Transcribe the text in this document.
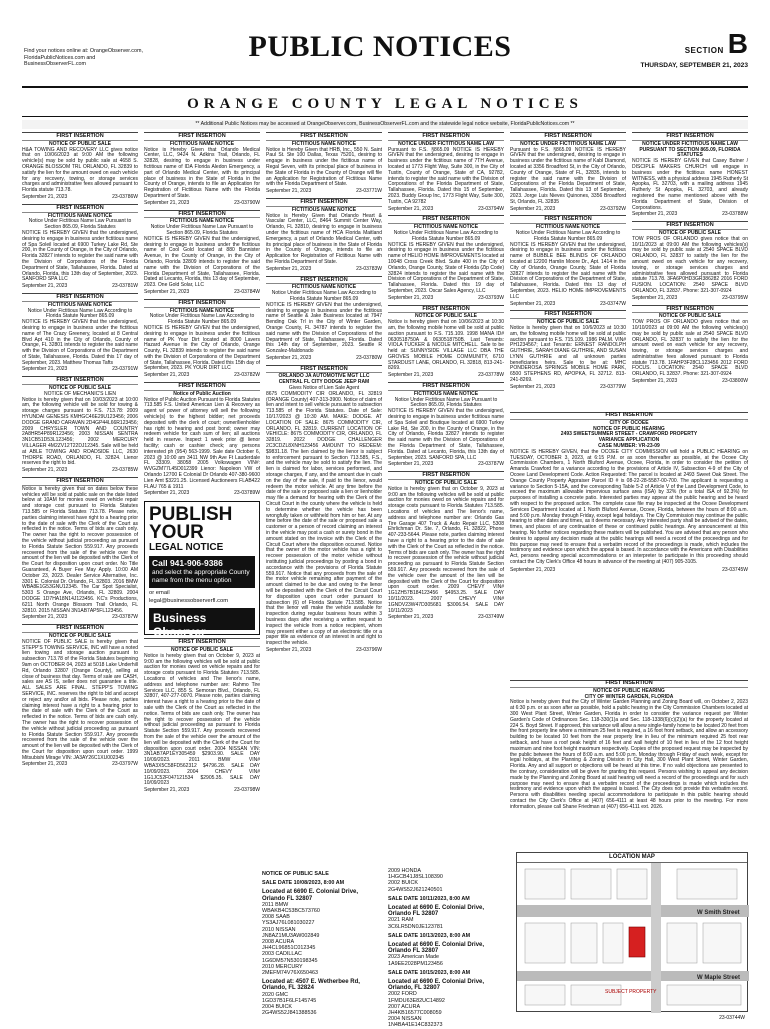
Find your notices online at: OrangeObserver.com,
FloridaPublicNotices.com and
BusinessObserverFL.com
PUBLIC NOTICES	SECTION B
THURSDAY, SEPTEMBER 21, 2023
ORANGE COUNTY LEGAL NOTICES
** Additional Public Notices may be accessed at OrangeObserver.com, BusinessObserverFL.com and the statewide legal notice website, FloridaPublicNotices.com **
FIRST INSERTION
NOTICE OF PUBLIC SALE
H&A TOWING AND RECOVERY LLC gives notice that on 10/06/2023 at 9:00 AM the following vehicle(s) may be sold by public sale at 4658 S. ORANGE BLOSSOM TRL ORLANDO, FL 32839 to satisfy the lien for the amount owed on each vehicle for any recovery, towing, or storage services charges and administrative fees allowed pursuant to Florida statute 713.78.
September 21, 2023	23-03786W
FIRST INSERTION
FICTITIOUS NAME NOTICE
Notice Under Fictitious Name Law Pursuant to Section 865.09, Florida Statutes
NOTICE IS HEREBY GIVEN that the undersigned, desiring to engage in business under fictitious name of Spa Soleil located at 6900 Turkey Lake Rd, Ste 200, in the County of Orange, in the City of Orlando, Florida 32827 intends to register the said name with the Division of Corporations of the Florida Department of State, Tallahassee, Florida. Dated at Orlando, Florida, this 13th day of September, 2023. SANFORD SPA LLC
September 21, 2023	23-03781W
FIRST INSERTION
FICTITIOUS NAME NOTICE
Notice Under Fictitious Name Law According to Florida Statute Number 865.09
NOTICE IS HEREBY GIVEN that the undersigned, desiring to engage in business under the fictitious name of The Crazy Greenery, located at 8 Central Blvd Apt 410 in the City of Orlando, County of Orange, FL 32801 intends to register the said name with the Division of Corporations of the Department of State, Tallahassee, Florida. Dated this 17 day of September, 2023. Matthew Thomas Tafts
September 21, 2023	23-03791W
FIRST INSERTION
NOTICE OF PUBLIC SALE
NOTICE OF MECHANIC'S LIEN
Notice is hereby given that on 10/03/2023 at 10:00 am, the following vehicle will be sold for towing & storage charges pursuant to F.S. 713.78: 2009 HYUNDAI GENESIS KMHGC46E29U123456; 2006 DODGE GRAND CARAVAN 2D4GP44L66R123456; 2009 CHRYSLER TOWN AND COUNTRY 2A8HR54P89R123456; 2003 NISSAN SENTRA 3N1CB51D53L123456; 2002 MERCURY VILLAGER 4M2ZV12T22DJ12345. Sale will be held at ABLE TOWING AND ROADSIDE LLC, 2630 THORPE ROAD, ORLANDO, FL 32824. Lienor reserves the right to bid.
September 21, 2023	23-03785W
FIRST INSERTION
Notice is hereby given that on dates below these vehicles will be sold at public sale on the date listed below at 10AM for monies owed on vehicle repair and storage cost pursuant to Florida Statutes 713.585 or Florida Statutes 713.78. Please note, parties claiming interest have right to a hearing prior to the date of sale with the Clerk of the Court as reflected in the notice. Terms of bids are cash only. The owner has the right to recover possession of the vehicle without judicial proceeding as pursuant to Florida Statute Section 559.917. Any proceeds recovered from the sale of the vehicle over the amount of the lien will be deposited with the Clerk of the Court for disposition upon court order. No Title Guaranteed, A Buyer Fee May Apply. 10:00 AM October 23, 2023. Dealer Service Alternative, Inc. 3301 E. Colonial Dr. Orlando, FL 32803. 2016 BMW WBA8E1G53GNU12345. The Car Spot Specialist, 5303 S Orange Ave, Orlando, FL 32809. 2004 DODGE 1D7HA18N14J123456. KC's Productions, 6211 North Orange Blossom Trail Orlando, FL 32810. 2015 NISSAN 3N1AB7AP5FL123456.
September 21, 2023	23-03787W
FIRST INSERTION
NOTICE OF PUBLIC SALE
NOTICE OF PUBLIC SALE is hereby given that STEPP'S TOWING SERVICE, INC will have a noted lien towing and storage auction pursuant to subsection 713.78 of the Florida Statutes beginning 9am on OCTOBER 04, 2023 at 5018 Lake Underhill Rd, Orlando 32807 (Orange County), selling at close of business that day. Terms of sale are CASH, sales are AS IS, seller does not guarantee a title. ALL SALES ARE FINAL. STEPP'S TOWING SERVICE, INC. reserves the right to bid and accept or reject any and/or all bids. Please note, parties claiming interest have a right to a hearing prior to the date of sale with the Clerk of the Court as reflected in the notice. Terms of bids are cash only. The owner has the right to recover possession of the vehicle without judicial proceeding as pursuant to Florida Statute Section 559.917. Any proceeds recovered from the sale of the vehicle over the amount of the lien will be deposited with the Clerk of the Court for disposition upon court order. 1999 Mitsubishi Mirage VIN: JA3AY26C1XU002345
September 21, 2023	23-03797W
FIRST INSERTION
FICTITIOUS NAME NOTICE
Notice is Hereby Given that Orlando Medical Center, LLC, 9424 N. Adkins Trail, Orlando, FL 32828, desiring to engage in business under fictitious name of IDA Florida Aledon Emergency, a part of Orlando Medical Center, with its principal place of business in the State of Florida in the County of Orange, intends to file an Application for Registration of Fictitious Name with the Florida Department of State.
September 21, 2023	23-03790W
FIRST INSERTION
FICTITIOUS NAME NOTICE
Notice Under Fictitious Name Law Pursuant to Section 865.09, Florida Statutes
NOTICE IS HEREBY GIVEN that the undersigned, desiring to engage in business under the fictitious name of Cool Gold located at 880 Bannister Avenue, in the County of Orange, in the City of Orlando, Florida 32809 intends to register the said name with the Division of Corporations of the Florida Department of State, Tallahassee, Florida. Dated at Lecanto, Florida, this 13 day of September, 2023. One Gold Solar, LLC
September 21, 2023	23-03784W
FIRST INSERTION
FICTITIOUS NAME NOTICE
Notice Under Fictitious Name Law According to Florida Statute Number 865.09
NOTICE IS HEREBY GIVEN that the undersigned, desiring to engage in business under the fictitious name of PK Your Dirt located at 8000 Lavers Hazard Avenue in the City of Orlando, Orange County, FL 32839 intends to register the said name with the Division of Corporations of the Department of State, Tallahassee, Florida. Dated this 15th day of September, 2023. PK YOUR DIRT LLC
September 21, 2023	23-03782W
FIRST INSERTION
Notice of Public Auction
Notice of Public Auction Pursuant to Florida Statutes 713.585 F.S. United American Lien & Recovery as agent w/ power of attorney will sell the following vehicle(s) to the highest bidder; net proceeds deposited with the clerk of court; owner/lienholder has right to hearing and post bond; owner may redeem vehicle for cash sum of lien; all auctions held in reserve. Inspect 1 week prior @ lienor facility; cash or cashier check; any persons interested ph (954) 563-1999. Sale date October 6, 2023 @ 10:00 am 3411 NW 9th Ave Ft Lauderdale FL 33309. 38058 2005 Volkswagen VIN#: WVGZM77L45D012399 Lienor: Napoleon VW of Orlando 12700 E Colonial Dr Orlando 407-380-9600 Lien Amt $3221.25. Licensed Auctioneers FLAB422 FLAU 765 & 1911
September 21, 2023	23-03789W
PUBLISH
YOUR
LEGAL NOTICE
Call 941-906-9386
and select the appropriate County name from the menu option
or email
legal@businessobserverfl.com
Business Observer
FIRST INSERTION
NOTICE OF PUBLIC SALE
Notice is hereby given that on October 9, 2023 at 9:00 am the following vehicles will be sold at public auction for monies owed on vehicle repairs and for storage costs pursuant to Florida Statutes 713.585. Locations of vehicles and The lienor's name, address and telephone number are: Rahmo Tire Services LLC, 855 S. Semoran Blvd., Orlando, FL 32807, 407-277-0070. Please note, parties claiming interest have a right to a hearing prior to the date of sale with the Clerk of the Court as reflected in the notice. Terms of bids are cash only. The owner has the right to recover possession of the vehicle without judicial proceeding as pursuant to Florida Statute Section 559.917. Any proceeds recovered from the sale of the vehicle over the amount of the lien will be deposited with the Clerk of the Court for disposition upon court order. 2004 NISSAN VIN: 3N1AB7AP1EY305459 $2903.90. SALE DAY 10/09/2023. 2011 BMW VIN# WBA3X5C58FD562312 $4796.28. SALE DAY 10/09/2023. 2004 CHEVY VIN# 1G1JC52F047121534 $2905.35. SALE DAY 10/09/2023
September 21, 2023	23-03798W
FIRST INSERTION
FICTITIOUS NAME NOTICE
Notice is Hereby Given that HRB, Inc., 550 N. Saint Paul St. Ste 100 Dallas, Texas 75201, desiring to engage in business under the fictitious name of Regal Seven, with its principal place of business in the State of Florida in the County of Orange will file an Application for Registration of Fictitious Name with the Florida Department of State.
September 21, 2023	23-03771W
FIRST INSERTION
FICTITIOUS NAME NOTICE
Notice is Hereby Given that Orlando Heart & Vascular Center, LLC, 8464 Summit Center Way, Orlando, FL 32810, desiring to engage in business under the fictitious name of HCA Florida Maitland Emergency, a part of Orlando Medical Center, with its principal place of business in the State of Florida in the County of Orange, intends to file an Application for Registration of Fictitious Name with the Florida Department of State.
September 21, 2023	23-03783W
FIRST INSERTION
FICTITIOUS NAME NOTICE
Notice Under Fictitious Name Law According to Florida Statute Number 865.09
NOTICE IS HEREBY GIVEN that the undersigned, desiring to engage in business under the fictitious name of Seattle & Jake Business located at 7947 Bending Oak Trl in the City of Winter Garden, Orange County, FL 34787 intends to register the said name with the Division of Corporations of the Department of State, Tallahassee, Florida. Dated this 14th day of September, 2023. Seattle R Gonzalez-Maldonado
September 21, 2023	23-03780W
FIRST INSERTION
ORLANDO JA AUTOMOTIVE MGT LLC CENTRAL FL CITY DODGE JEEP RAM
Gives Notice of Lien Sale Agent
8675 COMMODITY CIR ORLANDO, FL 32819 (ORANGE County) 407-313-3900. Notice of claim of lien and intent to sell vehicle pursuant to subsection 713.585 of the Florida Statutes. Date of Sale: 10/17/2023 @ 10:30 AM. MAKE: DODGE. AT LOCATION OF SALE: 8675 COMMODITY CIR, ORLANDO, FL 32819. CURRENT LOCATION OF VEHICLE: 8675 COMMODITY CIR, ORLANDO, FL 32819. 2022 DODGE CHALLENGER 2C3CDZL8XNH123456 AMOUNT TO REDEEM: $9831.18. The lien claimed by the lienor is subject to enforcement pursuant to Section 713.585, F.S., and the vehicle may be sold to satisfy the lien. The lien is claimed for labor, services performed, and storage charges, if any, and the amount due in cash on the day of the sale, if paid to the lienor, would redeem the motor vehicle. At any time before the date of the sale or proposed sale a lien or lienholder may file a demand for hearing with the Clerk of the Circuit Court in the county where the vehicle is held to determine whether the vehicle has been wrongfully taken or withheld from him or her. At any time before the date of the sale or proposed sale a customer or a person of record claiming an interest in the vehicle may post a cash or surety bond in the amount stated on the invoice with the Clerk of the Circuit Court where the disposition occurred. Notice that the owner of the motor vehicle has a right to recover possession of the motor vehicle without instituting judicial proceedings by posting a bond in accordance with the provisions of Florida Statute 559.917. Notice that any proceeds from the sale of the motor vehicle remaining after payment of the amount claimed to be due and owing to the lienor will be deposited with the Clerk of the Circuit Court for disposition upon court order pursuant to subsection (6) of Florida Statute 713.585. Notice that the lienor will make the vehicle available for inspection during regular business hours within 3 business days after receiving a written request to inspect the vehicle from a notice recipient, whom may present either a copy of an electronic title or a paper title as evidence of an interest in and right to inspect the vehicle.
September 21, 2023	23-03796W
FIRST INSERTION
NOTICE UNDER FICTITIOUS NAME LAW
Pursuant to F.S. §865.09 NOTICE IS HEREBY GIVEN that the undersigned, desiring to engage in business under the fictitious name of 7TH Avenue, located at 1773 Flight Way, Suite 300, in the City of Tustin, County of Orange, State of CA, 92782, intends to register the said name with the Division of Corporations of the Florida Department of State, Tallahassee, Florida. Dated this 15 of September, 2023. Buddy Group Inc, 1773 Flight Way, Suite 300, Tustin, CA 92782
September 21, 2023	23-03794W
FIRST INSERTION
FICTITIOUS NAME NOTICE
Notice Under Fictitious Name Law According to Florida Statute Number 865.09
NOTICE IS HEREBY GIVEN that the undersigned, desiring to engage in business under the fictitious name of HELIO HOME IMPROVEMENTS located at 10048 Cross Creek Blvd. Suite 400 in the City of Orlando, Orange County, State of Florida (Zip Code) 32824 intends to register the said name with the Division of Corporations of the Department of State, Tallahassee, Florida. Dated this 19 day of September, 2023. Oscar Sales Agency, LLC
September 21, 2023	23-03793W
FIRST INSERTION
NOTICE OF PUBLIC SALE
Notice is hereby given that on 10/06/2023 at 10:30 am, the following mobile home will be sold at public auction pursuant to F.S. 715.109. 1998 MANA ID# 0630518750A & 0630518750B. Last Tenants: VIOLA TUCKER & NICOLE MITCHELL. Sale to be held at: SUNNYSIDE VILLAGE LLC DBA THE GROVES MOBILE HOME COMMUNITY, 6710 STARDUST LANE, ORLANDO, FL 32818, 813-241-8269.
September 21, 2023	23-03778W
FIRST INSERTION
FICTITIOUS NAME NOTICE
Notice Under Fictitious Name Law Pursuant to Section 865.09, Florida Statutes
NOTICE IS HEREBY GIVEN that the undersigned, desiring to engage in business under fictitious name of Spa Soleil and Boutique located at 6900 Turkey Lake Rd, Ste 200, in the County of Orange, in the City of Orlando, Florida 32827 intends to register the said name with the Division of Corporations of the Florida Department of State, Tallahassee, Florida. Dated at Lecanto, Florida, this 13th day of September, 2023. SANFORD SPA, LLC
September 21, 2023	23-03787W
FIRST INSERTION
NOTICE OF PUBLIC SALE
Notice is hereby given that on October 9, 2023 at 9:00 am the following vehicles will be sold at public auction for monies owed on vehicle repairs and for storage costs pursuant to Florida Statutes 713.585. Locations of vehicles and The lienor's name, address and telephone number are: Orlando Gas Tire Garage 407 Truck & Auto Repair LLC, 5308 Ehrlichman Dr. Ste. 7, Orlando, FL 32822, Phone 407-233-5644. Please note, parties claiming interest have a right to a hearing prior to the date of sale with the Clerk of the Court as reflected in the notice. Terms of bids are cash only. The owner has the right to recover possession of the vehicle without judicial proceeding as pursuant to Florida Statute Section 559.917. Any proceeds recovered from the sale of the vehicle over the amount of the lien will be deposited with the Clerk of the Court for disposition upon court order. 2009 CHEVY VIN# 1G1ZH57B184123456 $4953.25. SALE DAY 10/11/2023. 2007 CHEVY VIN# 1GNDV23W47D305681 $3006.54. SALE DAY 10/11/2023
September 21, 2023	23-03749W
FIRST INSERTION
NOTICE UNDER FICTITIOUS NAME LAW
Pursuant to F.S. §865.09 NOTICE IS HEREBY GIVEN that the undersigned, desiring to engage in business under the fictitious name of Kabl Diamond, located at 3356 Broadford St, in the City of Orlando, County of Orange, State of FL, 32835, intends to register the said name with the Division of Corporations of the Florida Department of State, Tallahassee, Florida. Dated this 13 of September, 2023. Jorge Luis Nieves Quinones, 3356 Broadford St, Orlando, FL 32835
September 21, 2023	23-03792W
FIRST INSERTION
FICTITIOUS NAME NOTICE
Notice Under Fictitious Name Law According to Florida Statute Number 865.09
NOTICE IS HEREBY GIVEN that the undersigned, desiring to engage in business under the fictitious name of BUBBLE BEE BLINDS OF ORLANDO located at 12200 Hamlin Moore Dr., Apt. 1414 in the City of Orlando, Orange County, State of Florida 32827 intends to register the said name with the Division of Corporations of the Department of State, Tallahassee, Florida. Dated this 13 day of September, 2023. HELIO HOME IMPROVEMENTS LLC
September 21, 2023	23-03747W
FIRST INSERTION
NOTICE OF PUBLIC SALE
Notice is hereby given that on 10/6/2023 at 10:30 am, the following mobile home will be sold at public auction pursuant to F.S. 715.109. 1986 PALM. VIN# PH1234567; Last Tenants: ERNEST RANDOLPH GUTHRIE, SARAH DIANE GUTHRIE, AND SUSAN LYNN GUTHRIE and all unknown parties beneficiaries heirs. Sale to be at: MHC PONDEROSA SPRINGS MOBILE HOME PARK, 6500 STEPHENS RD, APOPKA, FL 32712. 813-241-8269.
September 21, 2023	23-03779W
FIRST INSERTION
NOTICE UNDER FICTITIOUS NAME LAW PURSUANT TO SECTION 865.09, FLORIDA STATUTES
NOTICE IS HEREBY GIVEN that Casey Butner / DISCIPLE MAKERS CHURCH will engage in business under the fictitious name HONEST WITNESS, with a physical address 1945 Rutherly St Apopka, FL 32703, with a mailing address 1945 Rutherly St Apopka, FL 32703, and already registered the name mentioned above with the Florida Department of State, Division of Corporations.
September 21, 2023	23-03788W
FIRST INSERTION
NOTICE OF PUBLIC SALE
TOW PROS OF ORLANDO gives notice that on 10/11/2023 at 09:00 AM the following vehicles(s) may be sold by public sale at 2540 SPACE BLVD ORLANDO, FL 32837 to satisfy the lien for the amount owed on each vehicle for any recovery, towing, or storage services charges and administrative fees allowed pursuant to Florida statute 713.78. 3FA6P0HD3GR386282 2016 FORD FUSION. LOCATION: 2540 SPACE BLVD ORLANDO, FL 32837. Phone: 321-307-0924
September 21, 2023	23-03795W
FIRST INSERTION
NOTICE OF PUBLIC SALE
TOW PROS OF ORLANDO gives notice that on 10/10/2023 at 09:00 AM the following vehicles(s) may be sold by public sale at 2540 SPACE BLVD ORLANDO, FL 32837 to satisfy the lien for the amount owed on each vehicle for any recovery, towing, or storage services charges and administrative fees allowed pursuant to Florida statute 713.78. 1FAHP3F28CL123456 2012 FORD FOCUS. LOCATION: 2540 SPACE BLVD ORLANDO, FL 32837. Phone: 321-307-0924
September 21, 2023	23-03800W
FIRST INSERTION
CITY OF OCOEE
NOTICE OF PUBLIC HEARING
2493 SWEETSUMMER STREET - CRAWFORD PROPERTY
VARIANCE APPLICATION
CASE NUMBER: VR-23-09
NOTICE IS HEREBY GIVEN, that the OCOEE CITY COMMISSION will hold a PUBLIC HEARING on TUESDAY, OCTOBER 3, 2023, at 6:15 P.M. or as soon thereafter as possible, at the Ocoee City Commission Chambers, 1 North Bluford Avenue, Ocoee, Florida, in order to consider the petition of Amanda Crawford for a variance according to the provisions of Article IV, Subsection 4-9 of the City of Ocoee Land Development Code. Action Requested: The parcel is located at 2493 Sweet Oak Street. The Orange County Property Appraiser Parcel ID # is 08-22-28-5587-00-700. The applicant is requesting a variance to Section 5-15A, and the corresponding Table 5-2 of Article V of the Land Development Code, to exceed the maximum allowable impervious surface area (ISA) by 32% (for a total ISA of 92.3%) for purposes of installing a concrete patio. Interested parties may appear at the public hearing and be heard with respect to the proposed action. The complete case file may be inspected at the Ocoee Development Services Department located at 1 North Bluford Avenue, Ocoee, Florida, between the hours of 8:00 a.m. and 5:00 p.m. Monday through Friday, except legal holidays. The City Commission may continue the public hearing to other dates and times, as it deems necessary. Any interested party shall be advised of the dates, times, and places of any continuation of these or continued public hearings. Any announcement at this hearing. No further notices regarding these matters will be published. You are advised that any person who desires to appeal any decision made at the public hearings will need a record of the proceedings and for this purpose may need to ensure that a verbatim record of the proceedings is made, which includes the testimony and evidence upon which the appeal is based. In accordance with the Americans with Disabilities Act, persons needing special accommodations or an interpreter to participate in this proceeding should contact the City Clerk's Office 48 hours in advance of the meeting at (407) 905-3105.
September 21, 2023	23-03745W
FIRST INSERTION
NOTICE OF PUBLIC HEARING
CITY OF WINTER GARDEN, FLORIDA
Notice is hereby given that the City of Winter Garden Planning and Zoning Board will, on October 2, 2023 at 6:30 p.m. or as soon after as possible, hold a public hearing in the City Commission Chambers located at 300 West Plant Street, Winter Garden, Florida in order to consider the variance request per Winter Garden's Code of Ordinances Sec. 118-330(1)a and Sec. 118-1338(6)(c)(2)(a) for the property located at 224 S. Boyd Street. If approved, this variance will allow a new single-family home to be located 20 feet from the front property line where a minimum 25 feet is required, a 16 foot front setback, and allow an accessory building to be located 10 feet from the rear property line in lieu of the minimum required 25 foot rear setback, and have a roof peak height of 16 feet and wall height of 10 feet in lieu of the 12 foot height maximum and nine foot height maximum respectively. Copies of the proposed request may be inspected by the public between the hours of 8:00 a.m. and 5:00 p.m. Monday through Friday of each week, except for legal holidays, at the Planning & Zoning Division in City Hall, 300 West Plant Street, Winter Garden, Florida. Any and all support or objections will be heard at this time. If no valid objections are presented to the contrary, consideration will be given for granting this request. Persons wishing to appeal any decision made by the Planning and Zoning Board at said hearing will need a record of the proceedings and for such purpose may need to ensure that a verbatim record of the proceedings is made which includes the testimony and evidence upon which the appeal is based. The City does not provide this verbatim record. Persons with disabilities needing special accommodations to participate in this public hearing should contact the City Clerk's Office at (407) 656-4111 at least 48 hours prior to the meeting. For more information, please call Shane Friedman at (407) 656-4111 ext. 2026.
LOCATION MAP
W Smith Street
W Maple Street
SUBJECT PROPERTY
23-03744W
NOTICE OF PUBLIC SALE
SALE DATE 10/08/2023, 8:00 AM
Located at 6690 E. Colonial Drive, Orlando FL 32807
2011 BMW
WBAKB4C53BC573760
2008 SAAB
YS3AJ76L081030227
2010 NISSAN
JN8AZ1MU3AW002849
2008 ACURA
JH4CL96851C012345
2003 CADILLAC
1G6DM57N530198345
2010 MERCURY
2MEFM74V76X650463
Located at: 4507 E. Wetherbee Rd, Orlando, FL 32824
2020 GMC
1GD37B1F6LF145745
2004 BUICK
2G4WS52J841388536
2009 HONDA
1HGCB41J8SL108390
2002 BUICK
2G4WS52J621240501
SALE DATE 10/11/2023, 8:00 AM
Located at 6690 E. Colonial Drive, Orlando FL 32807
2021 RAM
3C6LR5DN0JE123781
SALE DATE 10/13/2023, 8:00 AM
Located at 6690 E. Colonial Drive, Orlando FL 32807
2023 American Made
1A9EE2028PM123456
SALE DATE 10/15/2023, 8:00 AM
Located at 6690 E. Colonial Drive, Orlando, FL 32807
2002 FORD
1FMDU63E82UC14892
2007 ACURA
JH4KB16577C008059
2004 NISSAN
1N4BA41E14C832373
